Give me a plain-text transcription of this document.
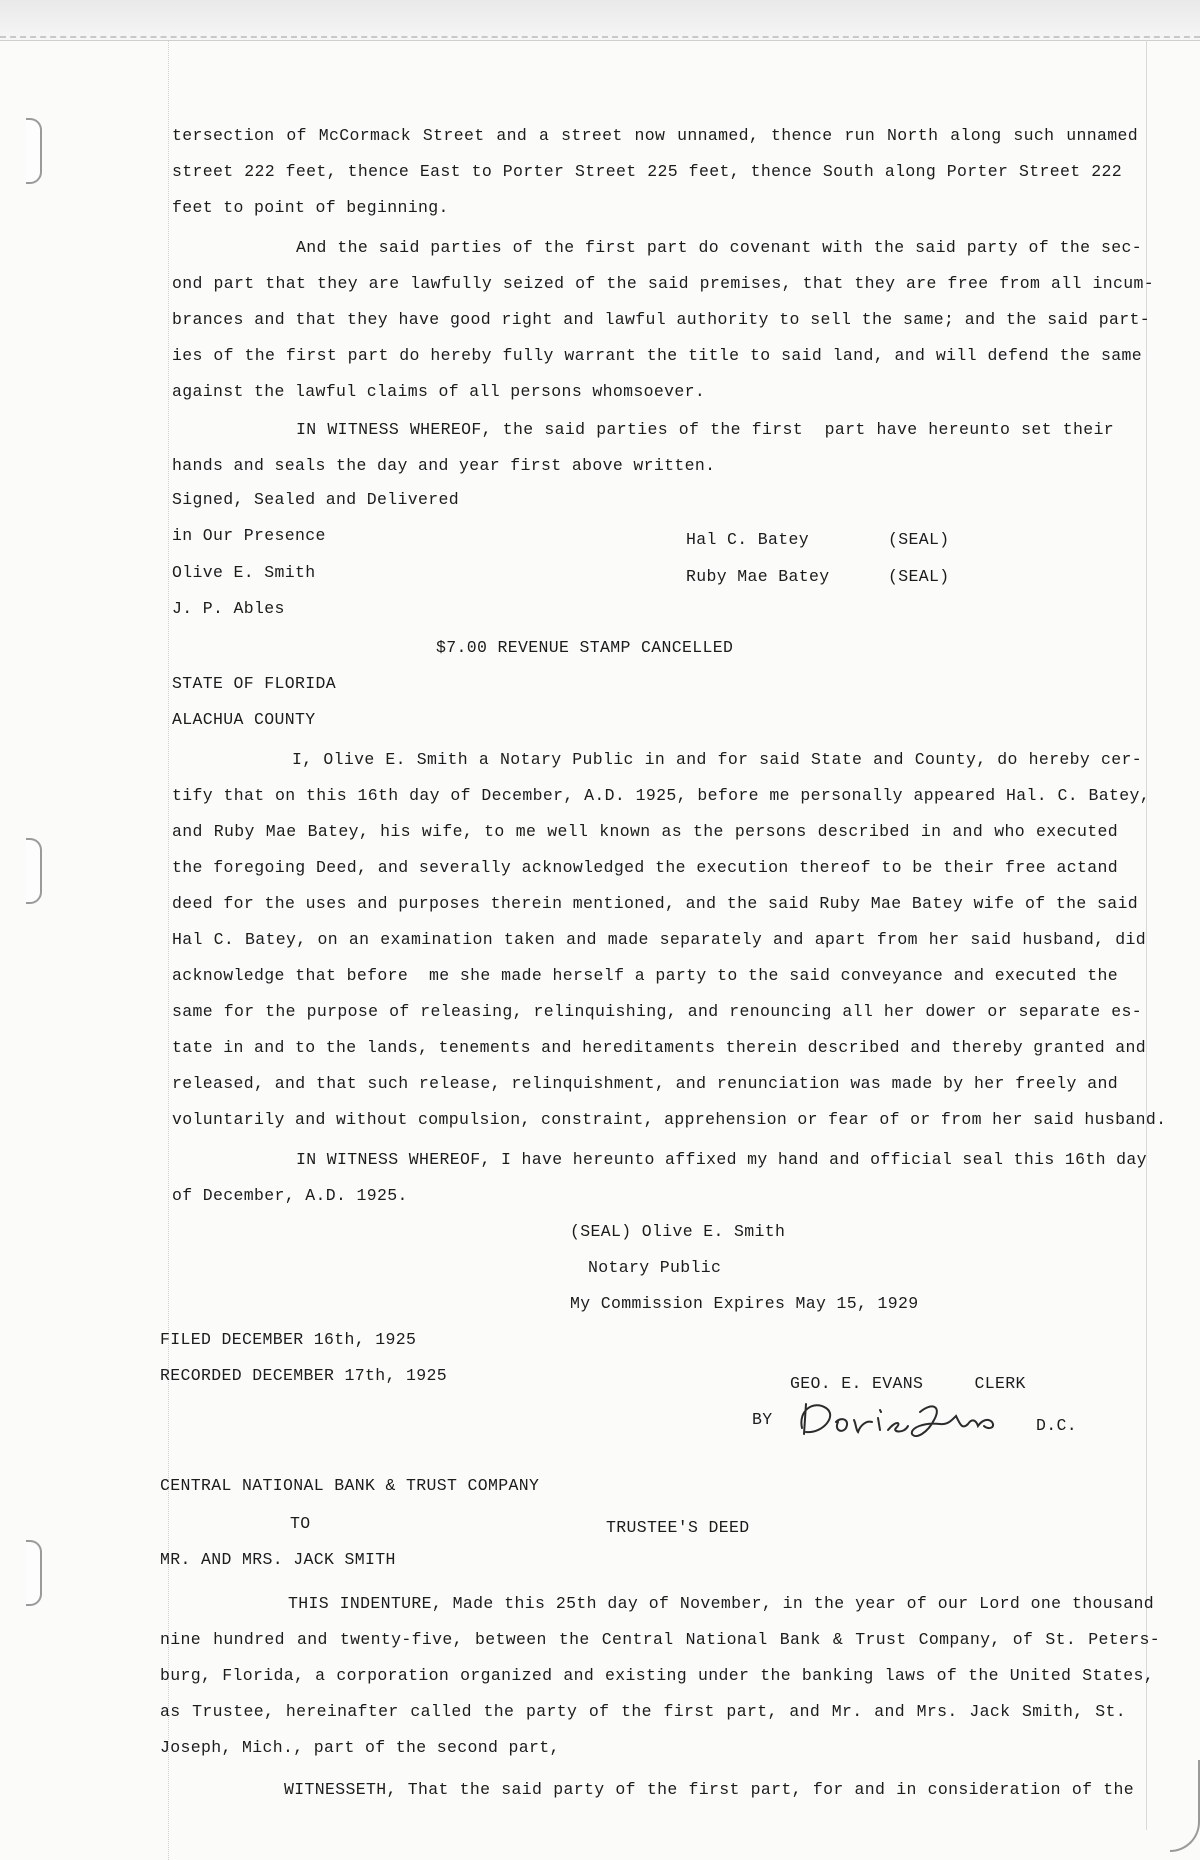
tersection of McCormack Street and a street now unnamed, thence run North along such unnamed
street 222 feet, thence East to Porter Street 225 feet, thence South along Porter Street 222
feet to point of beginning.
And the said parties of the first part do covenant with the said party of the sec-
ond part that they are lawfully seized of the said premises, that they are free from all incum-
brances and that they have good right and lawful authority to sell the same; and the said part-
ies of the first part do hereby fully warrant the title to said land, and will defend the same
against the lawful claims of all persons whomsoever.
IN WITNESS WHEREOF, the said parties of the first  part have hereunto set their
hands and seals the day and year first above written.
Signed, Sealed and Delivered
in Our Presence
Olive E. Smith
J. P. Ables
Hal C. Batey	(SEAL)
Ruby Mae Batey	(SEAL)
$7.00 REVENUE STAMP CANCELLED
STATE OF FLORIDA
ALACHUA COUNTY
I, Olive E. Smith a Notary Public in and for said State and County, do hereby cer-
tify that on this 16th day of December, A.D. 1925, before me personally appeared Hal. C. Batey,
and Ruby Mae Batey, his wife, to me well known as the persons described in and who executed
the foregoing Deed, and severally acknowledged the execution thereof to be their free actand
deed for the uses and purposes therein mentioned, and the said Ruby Mae Batey wife of the said
Hal C. Batey, on an examination taken and made separately and apart from her said husband, did
acknowledge that before  me she made herself a party to the said conveyance and executed the
same for the purpose of releasing, relinquishing, and renouncing all her dower or separate es-
tate in and to the lands, tenements and hereditaments therein described and thereby granted and
released, and that such release, relinquishment, and renunciation was made by her freely and
voluntarily and without compulsion, constraint, apprehension or fear of or from her said husband.
IN WITNESS WHEREOF, I have hereunto affixed my hand and official seal this 16th day
of December, A.D. 1925.
(SEAL) Olive E. Smith
Notary Public
My Commission Expires May 15, 1929
FILED DECEMBER 16th, 1925
RECORDED DECEMBER 17th, 1925	GEO. E. EVANS     CLERK
BY	D.C.
CENTRAL NATIONAL BANK & TRUST COMPANY
TO	TRUSTEE'S DEED
MR. AND MRS. JACK SMITH
THIS INDENTURE, Made this 25th day of November, in the year of our Lord one thousand
nine hundred and twenty-five, between the Central National Bank & Trust Company, of St. Peters-
burg, Florida, a corporation organized and existing under the banking laws of the United States,
as Trustee, hereinafter called the party of the first part, and Mr. and Mrs. Jack Smith, St.
Joseph, Mich., part of the second part,
WITNESSETH, That the said party of the first part, for and in consideration of the
